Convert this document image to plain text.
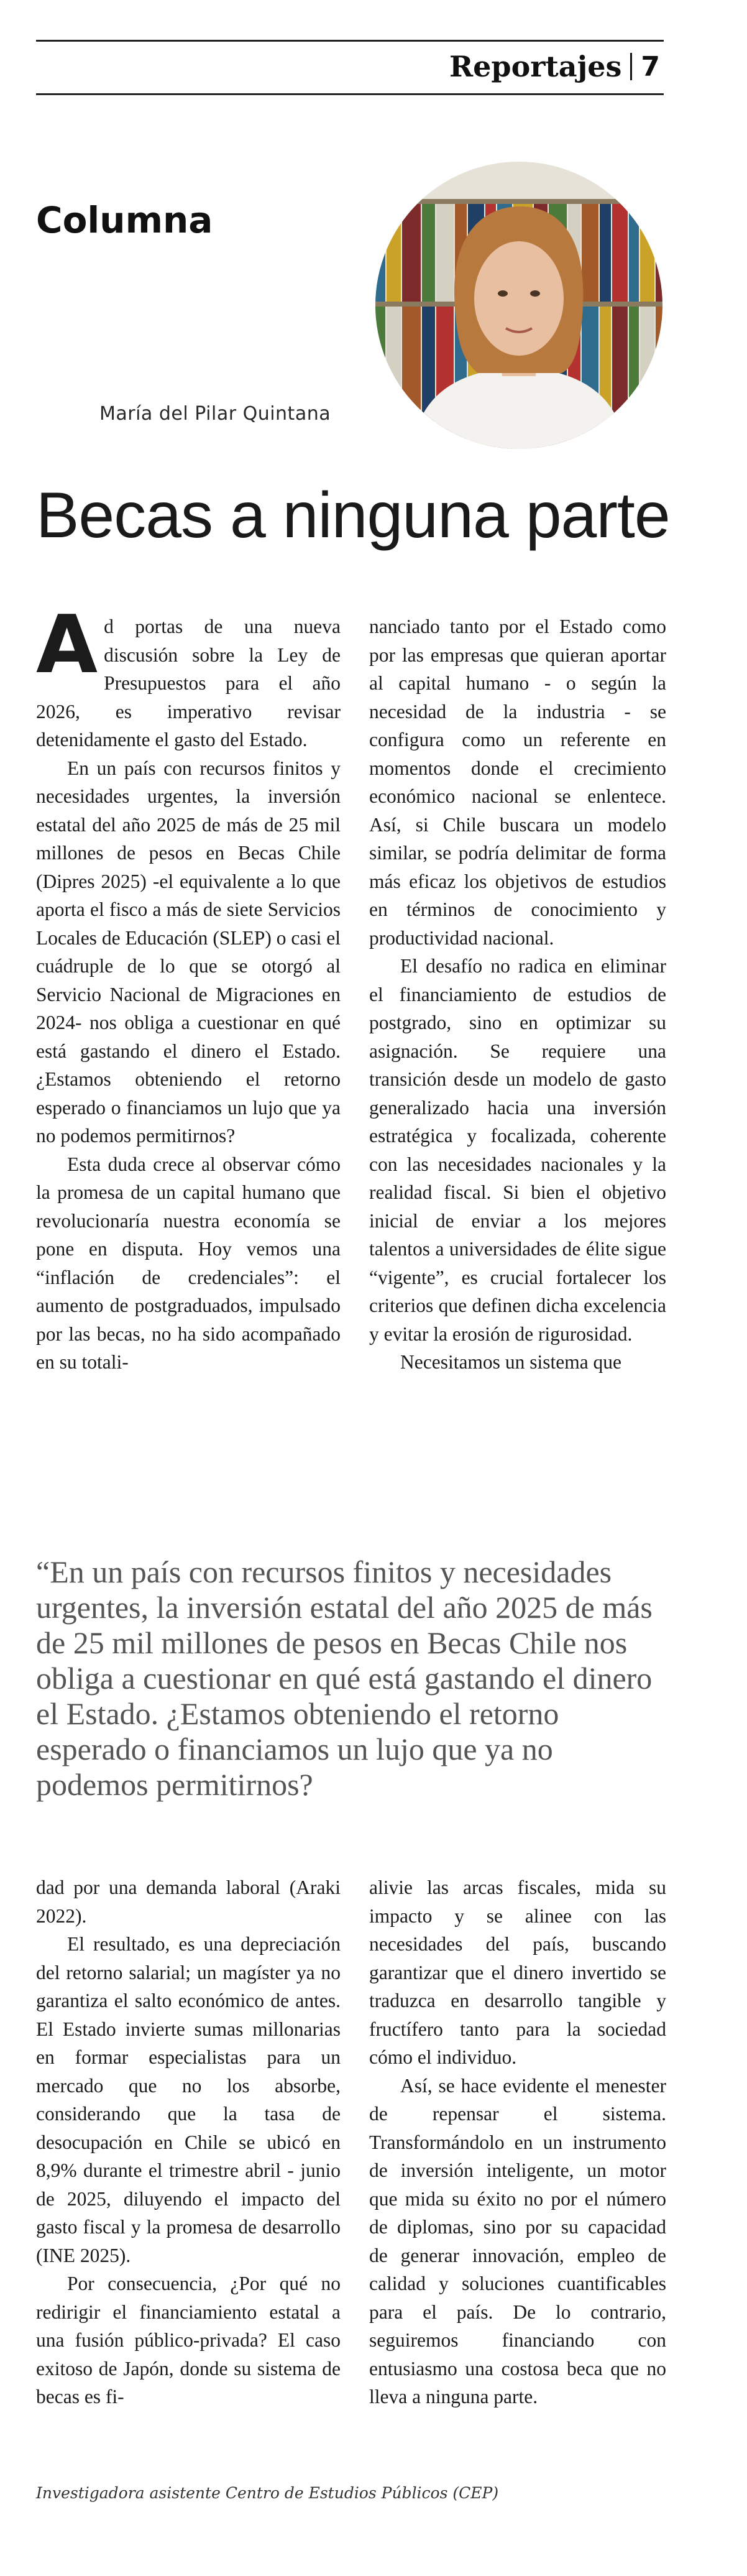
Reportajes 7
Columna
María del Pilar Quintana
Becas a ninguna parte

Ad portas de una nueva discusión sobre la Ley de Presupuestos para el año 2026, es imperativo revisar detenidamente el gasto del Estado.

En un país con recursos finitos y necesidades urgentes, la inversión estatal del año 2025 de más de 25 mil millones de pesos en Becas Chile (Dipres 2025) -el equivalente a lo que aporta el fisco a más de siete Servicios Locales de Educación (SLEP) o casi el cuádruple de lo que se otorgó al Servicio Nacional de Migraciones en 2024- nos obliga a cuestionar en qué está gastando el dinero el Estado. ¿Estamos obteniendo el retorno esperado o financiamos un lujo que ya no podemos permitirnos?

Esta duda crece al observar cómo la promesa de un capital humano que revolucionaría nuestra economía se pone en disputa. Hoy vemos una “inflación de credenciales”: el aumento de postgraduados, impulsado por las becas, no ha sido acompañado en su totali-

nanciado tanto por el Estado como por las empresas que quieran aportar al capital humano - o según la necesidad de la industria - se configura como un referente en momentos donde el crecimiento económico nacional se enlentece. Así, si Chile buscara un modelo similar, se podría delimitar de forma más eficaz los objetivos de estudios en términos de conocimiento y productividad nacional.

El desafío no radica en eliminar el financiamiento de estudios de postgrado, sino en optimizar su asignación. Se requiere una transición desde un modelo de gasto generalizado hacia una inversión estratégica y focalizada, coherente con las necesidades nacionales y la realidad fiscal. Si bien el objetivo inicial de enviar a los mejores talentos a universidades de élite sigue “vigente”, es crucial fortalecer los criterios que definen dicha excelencia y evitar la erosión de rigurosidad.

Necesitamos un sistema que

“En un país con recursos finitos y necesidades urgentes, la inversión estatal del año 2025 de más de 25 mil millones de pesos en Becas Chile nos obliga a cuestionar en qué está gastando el dinero el Estado. ¿Estamos obteniendo el retorno esperado o financiamos un lujo que ya no podemos permitirnos?

dad por una demanda laboral (Araki 2022).

El resultado, es una depreciación del retorno salarial; un magíster ya no garantiza el salto económico de antes. El Estado invierte sumas millonarias en formar especialistas para un mercado que no los absorbe, considerando que la tasa de desocupación en Chile se ubicó en 8,9% durante el trimestre abril - junio de 2025, diluyendo el impacto del gasto fiscal y la promesa de desarrollo (INE 2025).

Por consecuencia, ¿Por qué no redirigir el financiamiento estatal a una fusión público-privada? El caso exitoso de Japón, donde su sistema de becas es fi-

alivie las arcas fiscales, mida su impacto y se alinee con las necesidades del país, buscando garantizar que el dinero invertido se traduzca en desarrollo tangible y fructífero tanto para la sociedad cómo el individuo.

Así, se hace evidente el menester de repensar el sistema. Transformándolo en un instrumento de inversión inteligente, un motor que mida su éxito no por el número de diplomas, sino por su capacidad de generar innovación, empleo de calidad y soluciones cuantificables para el país. De lo contrario, seguiremos financiando con entusiasmo una costosa beca que no lleva a ninguna parte.

Investigadora asistente Centro de Estudios Públicos (CEP)
